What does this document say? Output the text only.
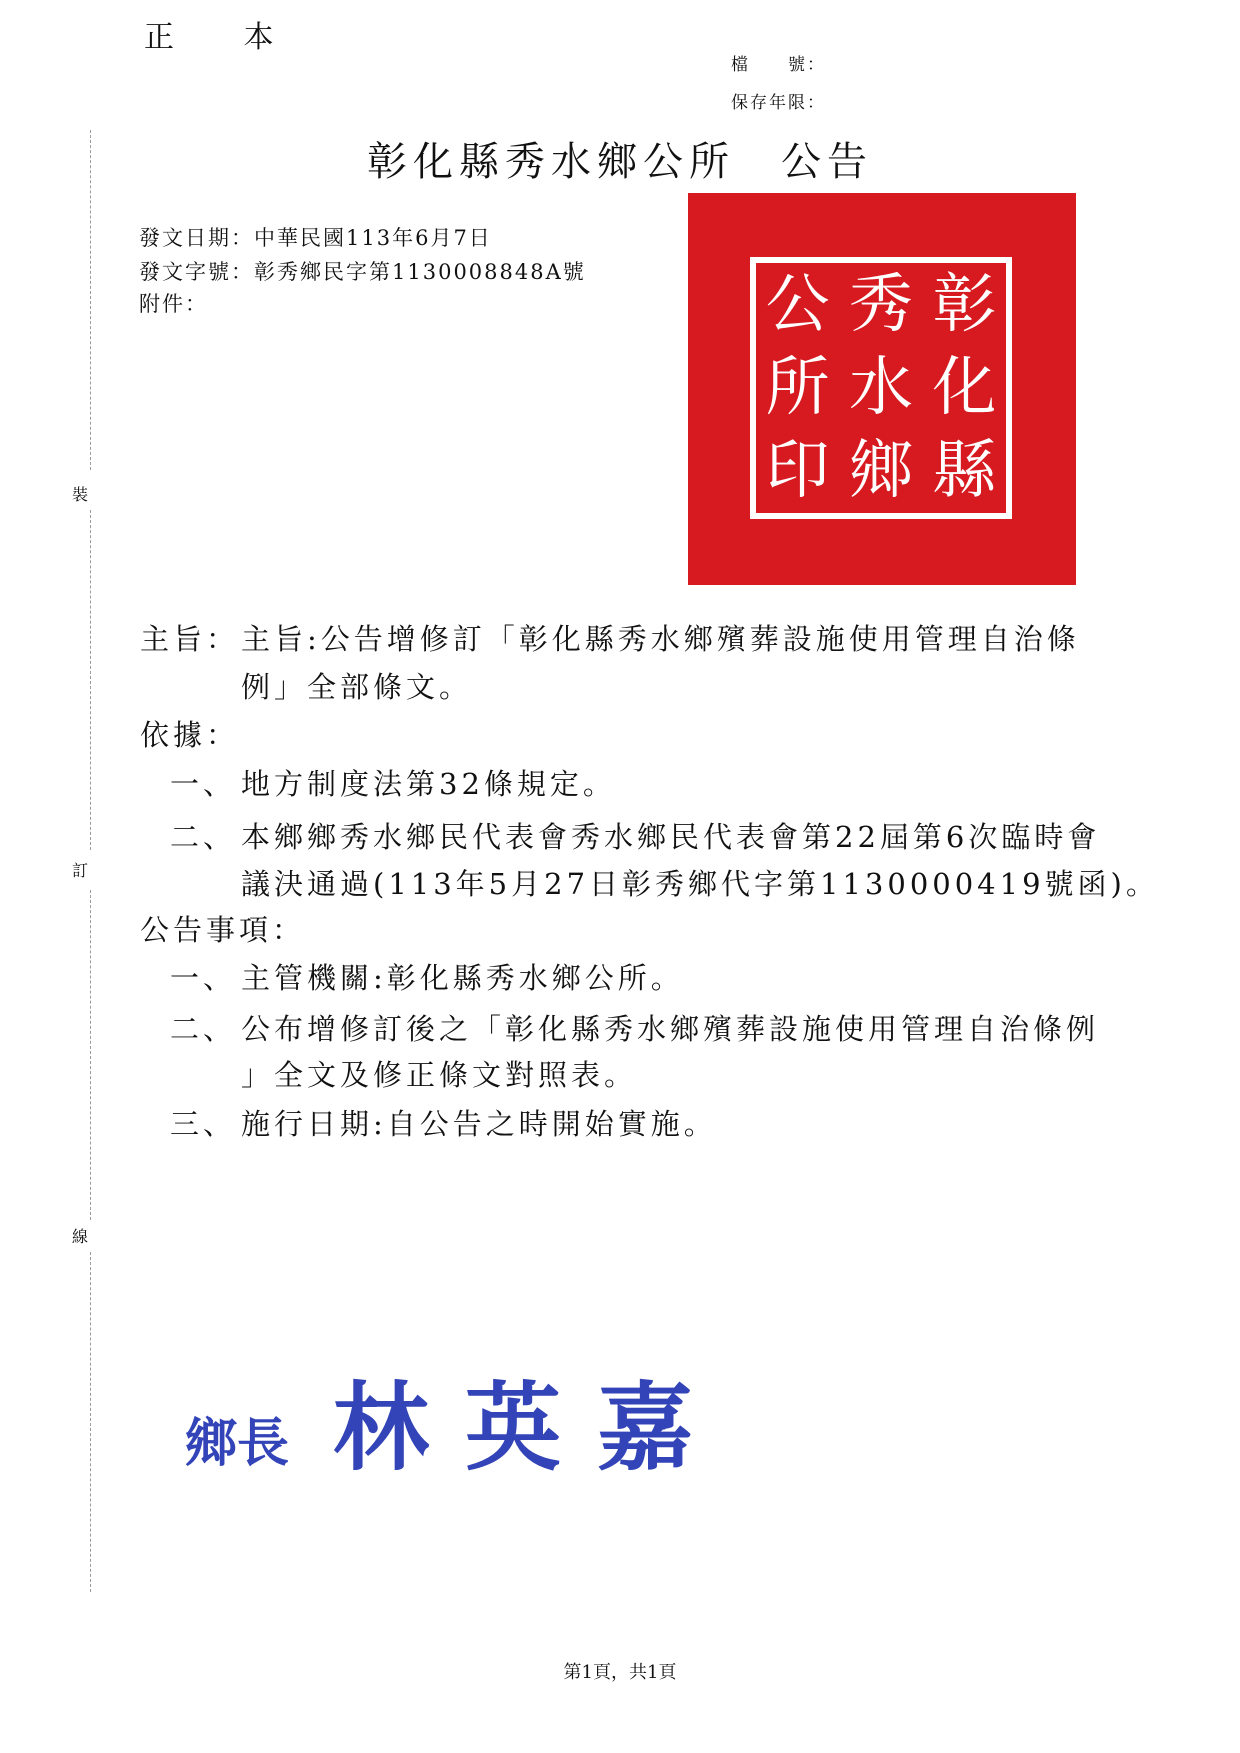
正 本
檔　　號：
保存年限：
彰化縣秀水鄉公所 公告
發文日期：中華民國113年6月7日
發文字號：彰秀鄉民字第1130008848A號
附件：
裝
訂
線
彰
化
縣
秀
水
鄉
公
所
印
主旨： 主旨:公告增修訂「彰化縣秀水鄉殯葬設施使用管理自治條
例」全部條文。
依據：
一、 地方制度法第32條規定。
二、 本鄉鄉秀水鄉民代表會秀水鄉民代表會第22屆第6次臨時會
議決通過(113年5月27日彰秀鄉代字第1130000419號函)。
公告事項：
一、 主管機關:彰化縣秀水鄉公所。
二、 公布增修訂後之「彰化縣秀水鄉殯葬設施使用管理自治條例
」全文及修正條文對照表。
三、 施行日期:自公告之時開始實施。
鄉長 林英嘉
第1頁，共1頁
